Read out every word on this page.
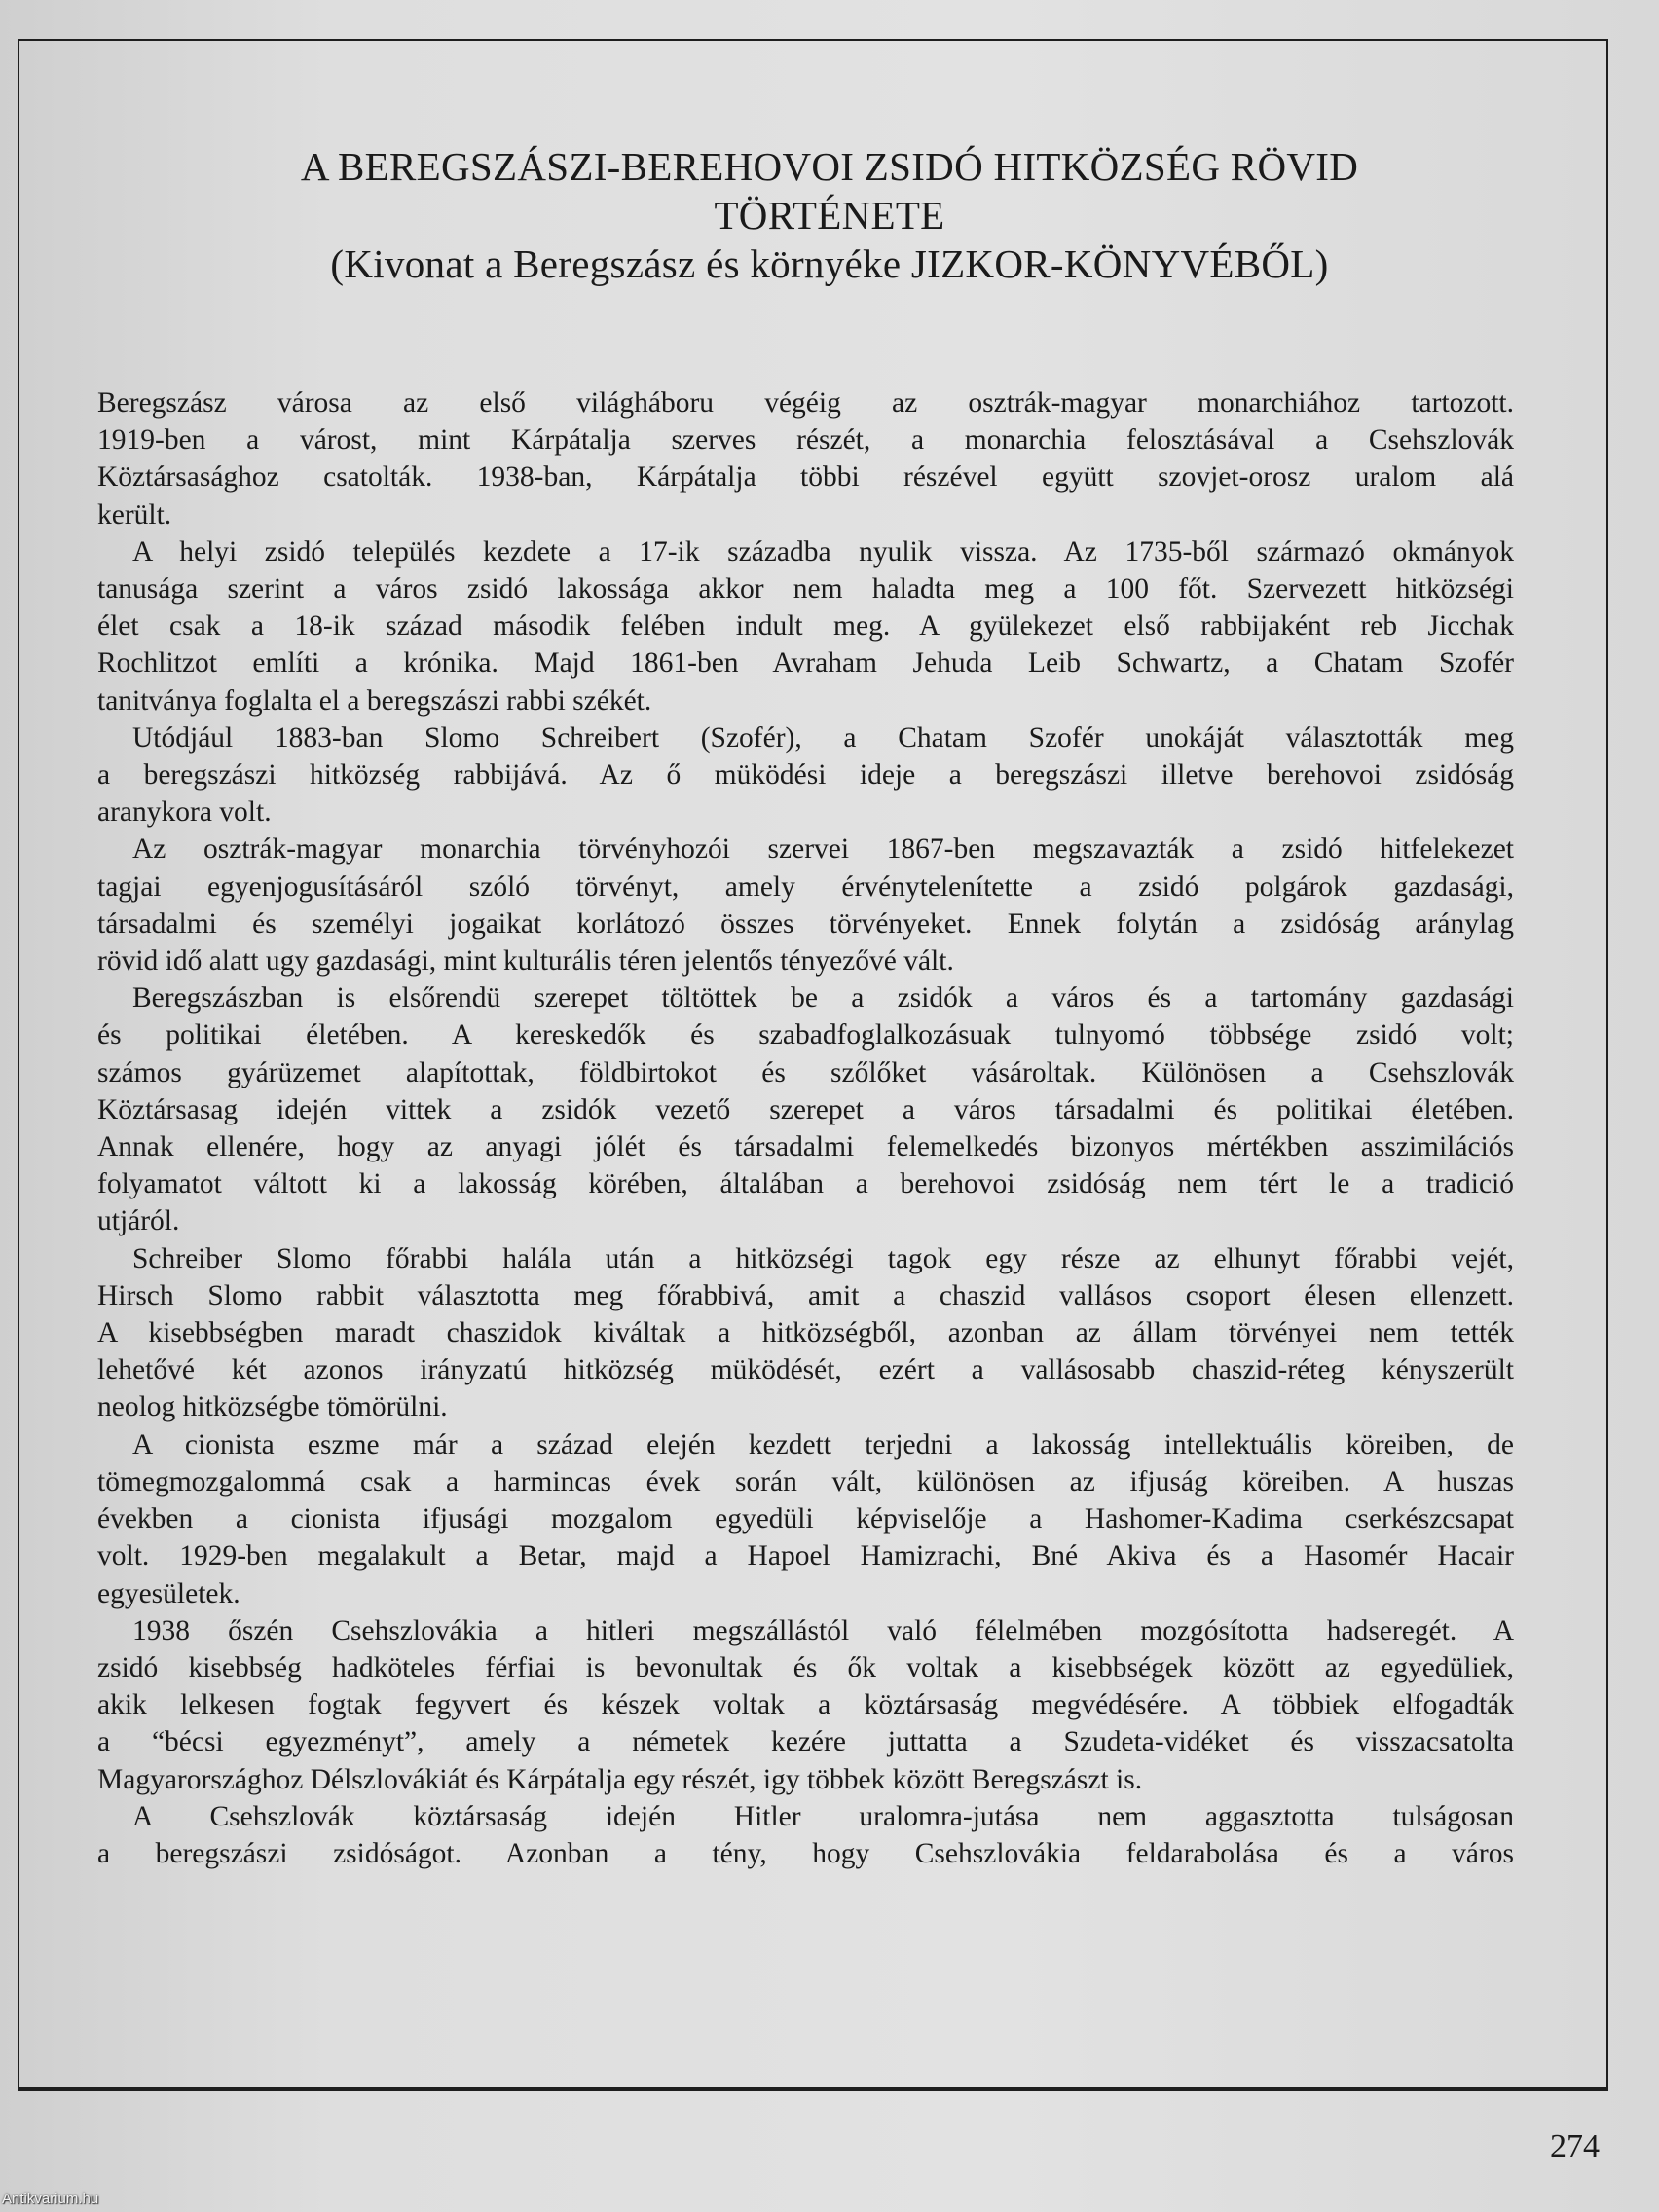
A BEREGSZÁSZI-BEREHOVOI ZSIDÓ HITKÖZSÉG RÖVID
TÖRTÉNETE
(Kivonat a Beregszász és környéke JIZKOR-KÖNYVÉBŐL)
Beregszász városa az első világháboru végéig az osztrák-magyar monarchiához tartozott.
1919-ben a várost, mint Kárpátalja szerves részét, a monarchia felosztásával a Csehszlovák
Köztársasághoz csatolták. 1938-ban, Kárpátalja többi részével együtt szovjet-orosz uralom alá
került.
A helyi zsidó település kezdete a 17-ik századba nyulik vissza. Az 1735-ből származó okmányok
tanusága szerint a város zsidó lakossága akkor nem haladta meg a 100 főt. Szervezett hitközségi
élet csak a 18-ik század második felében indult meg. A gyülekezet első rabbijaként reb Jicchak
Rochlitzot említi a krónika. Majd 1861-ben Avraham Jehuda Leib Schwartz, a Chatam Szofér
tanitványa foglalta el a beregszászi rabbi székét.
Utódjául 1883-ban Slomo Schreibert (Szofér), a Chatam Szofér unokáját választották meg
a beregszászi hitközség rabbijává. Az ő müködési ideje a beregszászi illetve berehovoi zsidóság
aranykora volt.
Az osztrák-magyar monarchia törvényhozói szervei 1867-ben megszavazták a zsidó hitfelekezet
tagjai egyenjogusításáról szóló törvényt, amely érvénytelenítette a zsidó polgárok gazdasági,
társadalmi és személyi jogaikat korlátozó összes törvényeket. Ennek folytán a zsidóság aránylag
rövid idő alatt ugy gazdasági, mint kulturális téren jelentős tényezővé vált.
Beregszászban is elsőrendü szerepet töltöttek be a zsidók a város és a tartomány gazdasági
és politikai életében. A kereskedők és szabadfoglalkozásuak tulnyomó többsége zsidó volt;
számos gyárüzemet alapítottak, földbirtokot és szőlőket vásároltak. Különösen a Csehszlovák
Köztársasag idején vittek a zsidók vezető szerepet a város társadalmi és politikai életében.
Annak ellenére, hogy az anyagi jólét és társadalmi felemelkedés bizonyos mértékben asszimilációs
folyamatot váltott ki a lakosság körében, általában a berehovoi zsidóság nem tért le a tradició
utjáról.
Schreiber Slomo főrabbi halála után a hitközségi tagok egy része az elhunyt főrabbi vejét,
Hirsch Slomo rabbit választotta meg főrabbivá, amit a chaszid vallásos csoport élesen ellenzett.
A kisebbségben maradt chaszidok kiváltak a hitközségből, azonban az állam törvényei nem tették
lehetővé két azonos irányzatú hitközség müködését, ezért a vallásosabb chaszid-réteg kényszerült
neolog hitközségbe tömörülni.
A cionista eszme már a század elején kezdett terjedni a lakosság intellektuális köreiben, de
tömegmozgalommá csak a harmincas évek során vált, különösen az ifjuság köreiben. A huszas
években a cionista ifjusági mozgalom egyedüli képviselője a Hashomer-Kadima cserkészcsapat
volt. 1929-ben megalakult a Betar, majd a Hapoel Hamizrachi, Bné Akiva és a Hasomér Hacair
egyesületek.
1938 őszén Csehszlovákia a hitleri megszállástól való félelmében mozgósította hadseregét. A
zsidó kisebbség hadköteles férfiai is bevonultak és ők voltak a kisebbségek között az egyedüliek,
akik lelkesen fogtak fegyvert és készek voltak a köztársaság megvédésére. A többiek elfogadták
a “bécsi egyezményt”, amely a németek kezére juttatta a Szudeta-vidéket és visszacsatolta
Magyarországhoz Délszlovákiát és Kárpátalja egy részét, igy többek között Beregszászt is.
A Csehszlovák köztársaság idején Hitler uralomra-jutása nem aggasztotta tulságosan
a beregszászi zsidóságot. Azonban a tény, hogy Csehszlovákia feldarabolása és a város
274
Antikvarium.hu
